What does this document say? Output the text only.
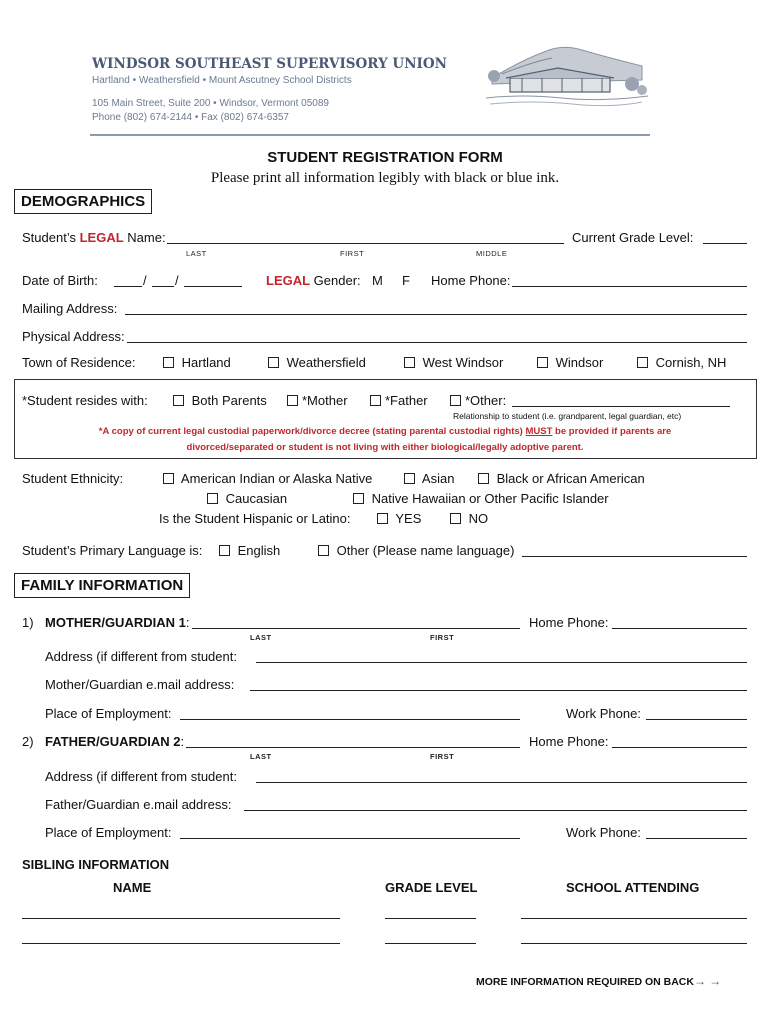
WINDSOR SOUTHEAST SUPERVISORY UNION
Hartland • Weathersfield • Mount Ascutney School Districts
105 Main Street, Suite 200 • Windsor, Vermont 05089
Phone (802) 674-2144 • Fax (802) 674-6357
STUDENT REGISTRATION FORM
Please print all information legibly with black or blue ink.
DEMOGRAPHICS
Student’s LEGAL Name:
LAST	FIRST	MIDDLE
Current Grade Level:
Date of Birth:	/ /	LEGAL Gender: M F Home Phone:
Mailing Address:
Physical Address:
Town of Residence:	Hartland	Weathersfield	West Windsor	Windsor	Cornish, NH
*Student resides with:	Both Parents	*Mother	*Father	*Other:
Relationship to student (i.e. grandparent, legal guardian, etc)
*A copy of current legal custodial paperwork/divorce decree (stating parental custodial rights) MUST be provided if parents are
divorced/separated or student is not living with either biological/legally adoptive parent.
Student Ethnicity:	American Indian or Alaska Native	Asian	Black or African American
Caucasian	Native Hawaiian or Other Pacific Islander
Is the Student Hispanic or Latino:	YES	NO
Student’s Primary Language is:	English	Other (Please name language)
FAMILY INFORMATION
1) MOTHER/GUARDIAN 1:
LAST	FIRST
Home Phone:
Address (if different from student:
Mother/Guardian e.mail address:
Place of Employment:	Work Phone:
2) FATHER/GUARDIAN 2:
LAST	FIRST
Home Phone:
Address (if different from student:
Father/Guardian e.mail address:
Place of Employment:	Work Phone:
SIBLING INFORMATION
NAME	GRADE LEVEL	SCHOOL ATTENDING
MORE INFORMATION REQUIRED ON BACK→ →
